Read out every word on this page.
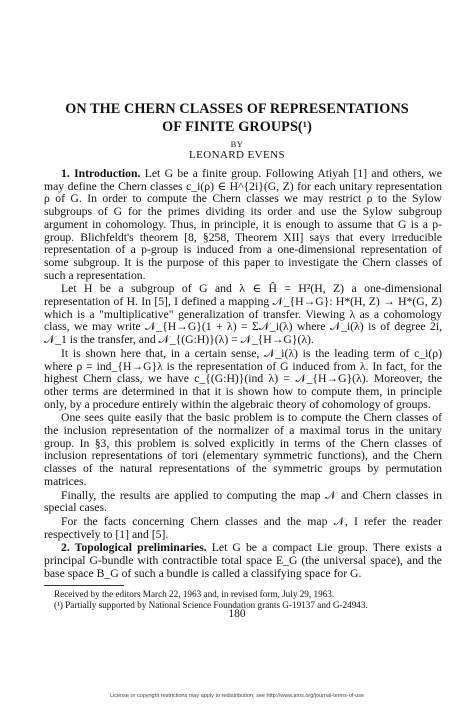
ON THE CHERN CLASSES OF REPRESENTATIONS
OF FINITE GROUPS(¹)
BY
LEONARD EVENS

1. Introduction. Let G be a finite group. Following Atiyah [1] and others, we may define the Chern classes c_i(ρ) ∈ H^{2i}(G, Z) for each unitary representation ρ of G. In order to compute the Chern classes we may restrict ρ to the Sylow subgroups of G for the primes dividing its order and use the Sylow subgroup argument in cohomology. Thus, in principle, it is enough to assume that G is a p-group. Blichfeldt's theorem [8, §258, Theorem XII] says that every irreducible representation of a p-group is induced from a one-dimensional representation of some subgroup. It is the purpose of this paper to investigate the Chern classes of such a representation.

Let H be a subgroup of G and λ ∈ Ĥ = H²(H, Z) a one-dimensional representation of H. In [5], I defined a mapping 𝒩_{H→G}: H*(H, Z) → H*(G, Z) which is a "multiplicative" generalization of transfer. Viewing λ as a cohomology class, we may write 𝒩_{H→G}(1 + λ) = Σ𝒩_i(λ) where 𝒩_i(λ) is of degree 2i, 𝒩_1 is the transfer, and 𝒩_{(G:H)}(λ) = 𝒩_{H→G}(λ).

It is shown here that, in a certain sense, 𝒩_i(λ) is the leading term of c_i(ρ) where ρ = ind_{H→G}λ is the representation of G induced from λ. In fact, for the highest Chern class, we have c_{(G:H)}(ind λ) = 𝒩_{H→G}(λ). Moreover, the other terms are determined in that it is shown how to compute them, in principle only, by a procedure entirely within the algebraic theory of cohomology of groups.

One sees quite easily that the basic problem is to compute the Chern classes of the inclusion representation of the normalizer of a maximal torus in the unitary group. In §3, this problem is solved explicitly in terms of the Chern classes of inclusion representations of tori (elementary symmetric functions), and the Chern classes of the natural representations of the symmetric groups by permutation matrices.

Finally, the results are applied to computing the map 𝒩 and Chern classes in special cases.

For the facts concerning Chern classes and the map 𝒩, I refer the reader respectively to [1] and [5].

2. Topological preliminaries. Let G be a compact Lie group. There exists a principal G-bundle with contractible total space E_G (the universal space), and the base space B_G of such a bundle is called a classifying space for G.

Received by the editors March 22, 1963 and, in revised form, July 29, 1963.

(¹) Partially supported by National Science Foundation grants G-19137 and G-24943.

180
License or copyright restrictions may apply to redistribution; see http://www.ams.org/journal-terms-of-use
